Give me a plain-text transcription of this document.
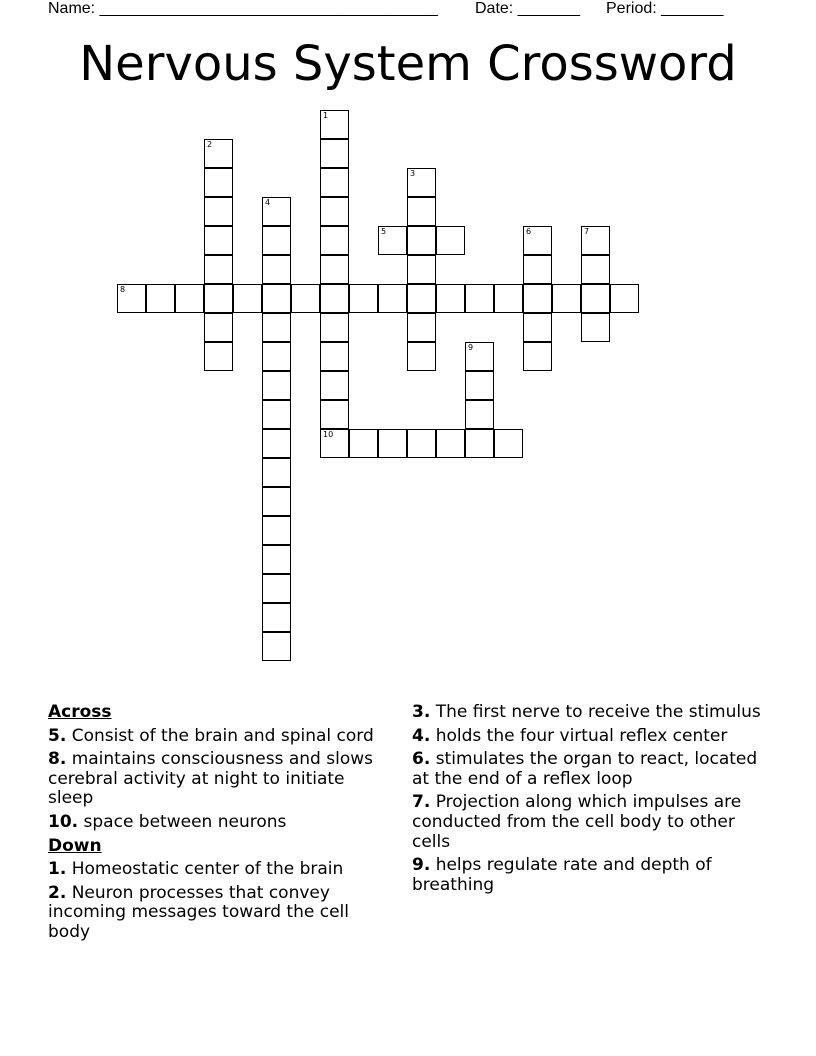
Name: ______________________________________ Date: _______ Period: _______
Nervous System Crossword
1
2
3
4
5	6	7
8
9
10
Across
5. Consist of the brain and spinal cord
8. maintains consciousness and slows cerebral activity at night to initiate sleep
10. space between neurons
Down
1. Homeostatic center of the brain
2. Neuron processes that convey incoming messages toward the cell body
3. The first nerve to receive the stimulus
4. holds the four virtual reflex center
6. stimulates the organ to react, located at the end of a reflex loop
7. Projection along which impulses are conducted from the cell body to other cells
9. helps regulate rate and depth of breathing
